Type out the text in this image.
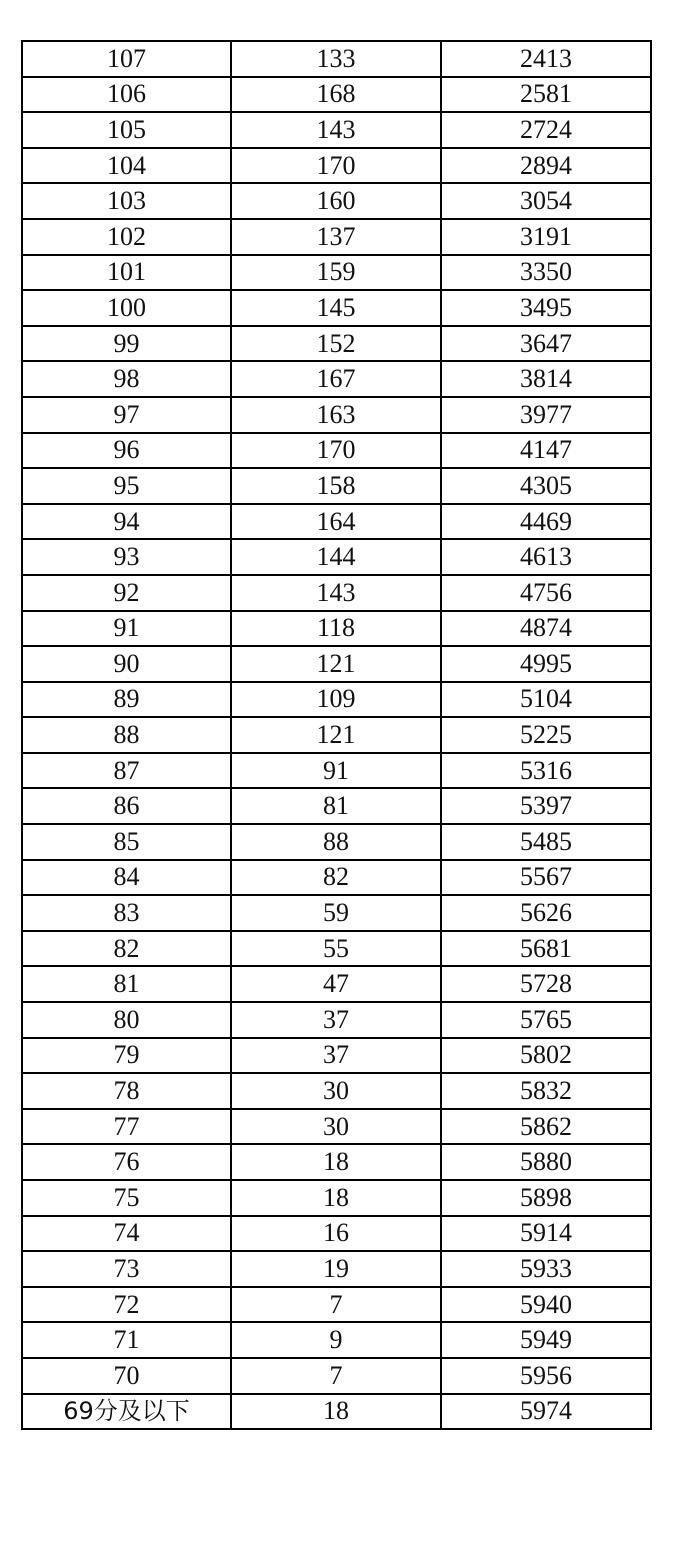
107	133	2413
106	168	2581
105	143	2724
104	170	2894
103	160	3054
102	137	3191
101	159	3350
100	145	3495
99	152	3647
98	167	3814
97	163	3977
96	170	4147
95	158	4305
94	164	4469
93	144	4613
92	143	4756
91	118	4874
90	121	4995
89	109	5104
88	121	5225
87	91	5316
86	81	5397
85	88	5485
84	82	5567
83	59	5626
82	55	5681
81	47	5728
80	37	5765
79	37	5802
78	30	5832
77	30	5862
76	18	5880
75	18	5898
74	16	5914
73	19	5933
72	7	5940
71	9	5949
70	7	5956
69分及以下	18	5974
